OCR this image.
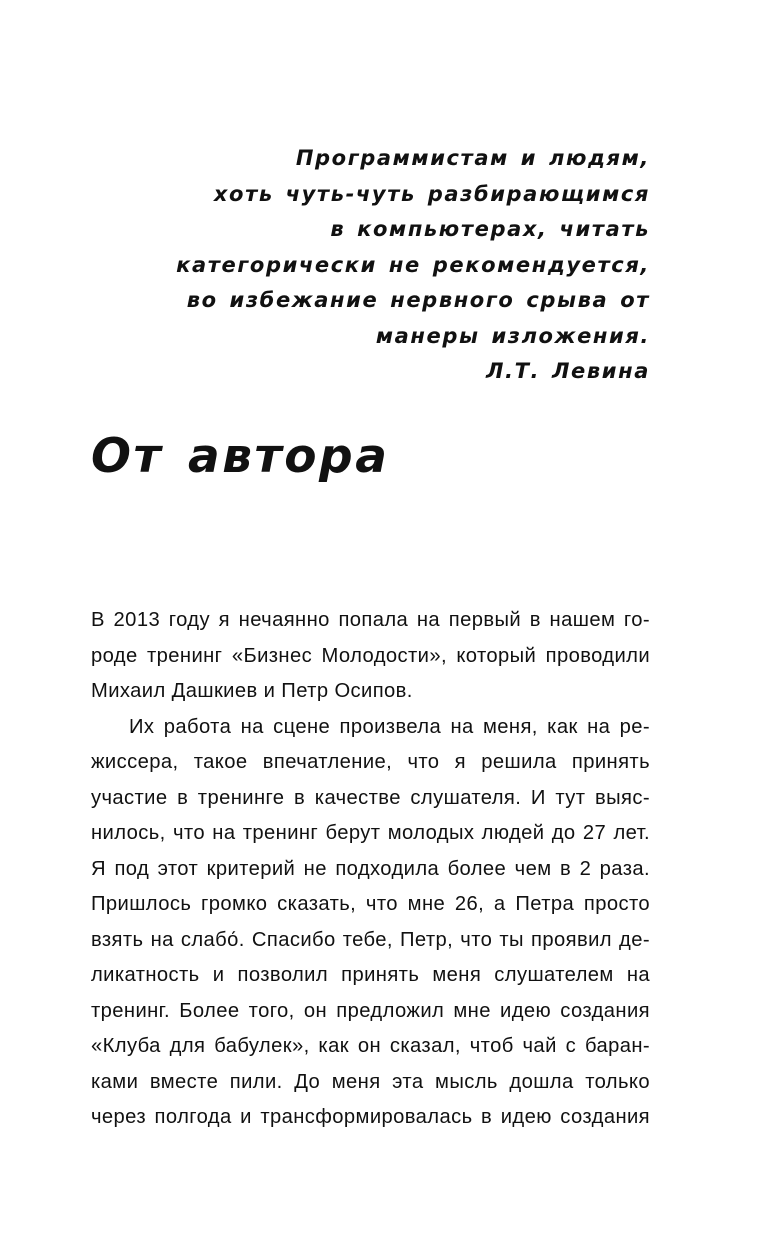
Программистам и людям,
хоть чуть-чуть разбирающимся
в компьютерах, читать
категорически не рекомендуется,
во избежание нервного срыва от
манеры изложения.
Л.Т. Левина
От автора
В 2013 году я нечаянно попала на первый в нашем го-
роде тренинг «Бизнес Молодости», который проводили
Михаил Дашкиев и Петр Осипов.
Их работа на сцене произвела на меня, как на ре-
жиссера, такое впечатление, что я решила принять
участие в тренинге в качестве слушателя. И тут выяс-
нилось, что на тренинг берут молодых людей до 27 лет.
Я под этот критерий не подходила более чем в 2 раза.
Пришлось громко сказать, что мне 26, а Петра просто
взять на слабо́. Спасибо тебе, Петр, что ты проявил де-
ликатность и позволил принять меня слушателем на
тренинг. Более того, он предложил мне идею создания
«Клуба для бабулек», как он сказал, чтоб чай с баран-
ками вместе пили. До меня эта мысль дошла только
через полгода и трансформировалась в идею создания
